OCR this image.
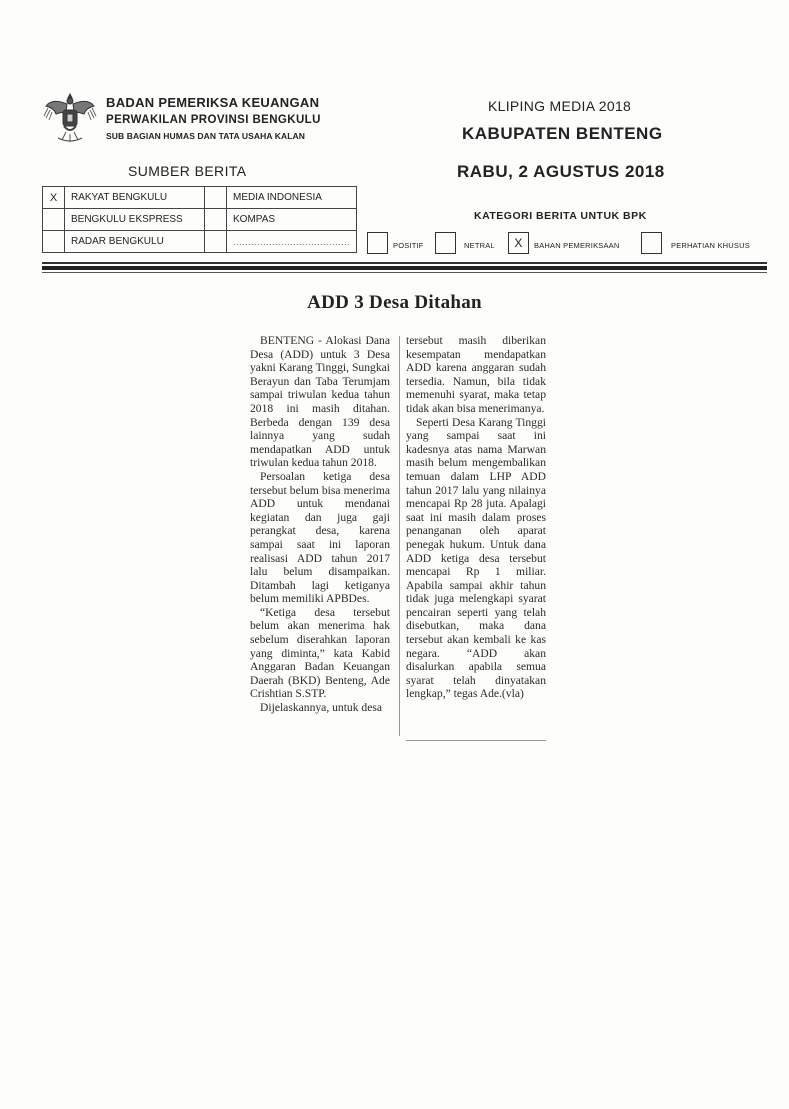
BADAN PEMERIKSA KEUANGAN
PERWAKILAN PROVINSI BENGKULU
SUB BAGIAN HUMAS DAN TATA USAHA KALAN
KLIPING MEDIA 2018
KABUPATEN BENTENG
RABU, 2 AGUSTUS 2018
SUMBER BERITA
X	RAKYAT BENGKULU		MEDIA INDONESIA
	BENGKULU EKSPRESS		KOMPAS
	RADAR BENGKULU		.......................................
KATEGORI BERITA UNTUK BPK
POSITIF	NETRAL	X	BAHAN PEMERIKSAAN	PERHATIAN KHUSUS
ADD 3 Desa Ditahan

BENTENG - Alokasi Dana Desa (ADD) untuk 3 Desa yakni Karang Tinggi, Sungkai Berayun dan Taba Terumjam sampai triwulan kedua tahun 2018 ini masih ditahan. Berbeda dengan 139 desa lainnya yang sudah mendapatkan ADD untuk triwulan kedua tahun 2018.

Persoalan ketiga desa tersebut belum bisa menerima ADD untuk mendanai kegiatan dan juga gaji perangkat desa, karena sampai saat ini laporan realisasi ADD tahun 2017 lalu belum disampaikan. Ditambah lagi ketiganya belum memiliki APBDes.

“Ketiga desa tersebut belum akan menerima hak sebelum diserahkan laporan yang diminta,” kata Kabid Anggaran Badan Keuangan Daerah (BKD) Benteng, Ade Crishtian S.STP.

Dijelaskannya, untuk desa

tersebut masih diberikan kesempatan mendapatkan ADD karena anggaran sudah tersedia. Namun, bila tidak memenuhi syarat, maka tetap tidak akan bisa menerimanya.

Seperti Desa Karang Tinggi yang sampai saat ini kadesnya atas nama Marwan masih belum mengembalikan temuan dalam LHP ADD tahun 2017 lalu yang nilainya mencapai Rp 28 juta. Apalagi saat ini masih dalam proses penanganan oleh aparat penegak hukum. Untuk dana ADD ketiga desa tersebut mencapai Rp 1 miliar. Apabila sampai akhir tahun tidak juga melengkapi syarat pencairan seperti yang telah disebutkan, maka dana tersebut akan kembali ke kas negara. “ADD akan disalurkan apabila semua syarat telah dinyatakan lengkap,” tegas Ade.(vla)
